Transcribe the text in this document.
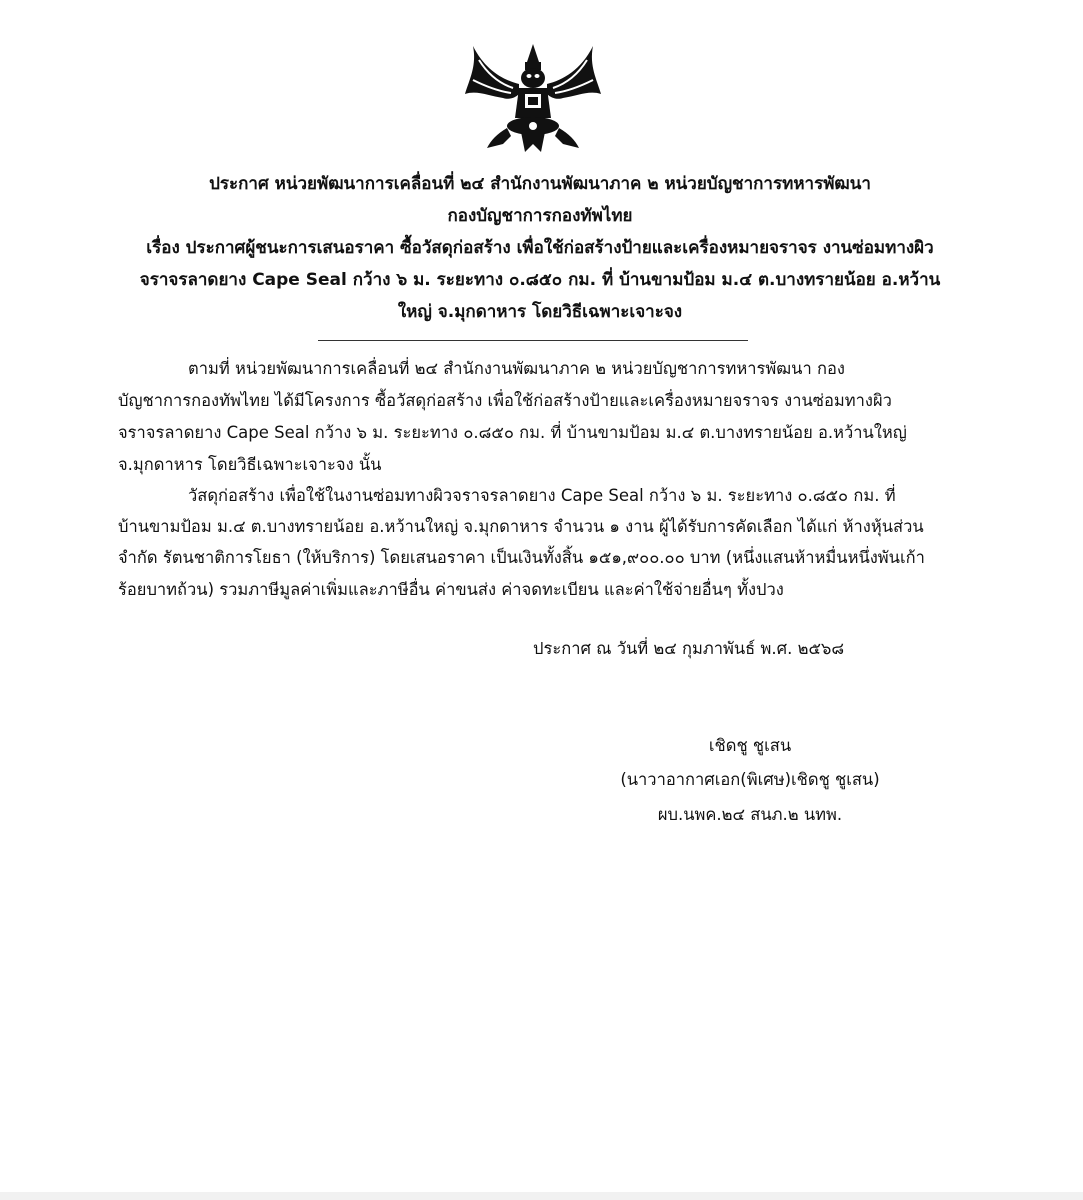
ประกาศ หน่วยพัฒนาการเคลื่อนที่ ๒๔ สำนักงานพัฒนาภาค ๒ หน่วยบัญชาการทหารพัฒนา
กองบัญชาการกองทัพไทย
เรื่อง ประกาศผู้ชนะการเสนอราคา ซื้อวัสดุก่อสร้าง เพื่อใช้ก่อสร้างป้ายและเครื่องหมายจราจร งานซ่อมทางผิว
จราจรลาดยาง Cape Seal กว้าง ๖ ม. ระยะทาง ๐.๘๕๐ กม. ที่ บ้านขามป้อม ม.๔ ต.บางทรายน้อย อ.หว้าน
ใหญ่ จ.มุกดาหาร โดยวิธีเฉพาะเจาะจง
ตามที่ หน่วยพัฒนาการเคลื่อนที่ ๒๔ สำนักงานพัฒนาภาค ๒ หน่วยบัญชาการทหารพัฒนา กอง
บัญชาการกองทัพไทย ได้มีโครงการ ซื้อวัสดุก่อสร้าง เพื่อใช้ก่อสร้างป้ายและเครื่องหมายจราจร งานซ่อมทางผิว
จราจรลาดยาง Cape Seal กว้าง ๖ ม. ระยะทาง ๐.๘๕๐ กม. ที่ บ้านขามป้อม ม.๔ ต.บางทรายน้อย อ.หว้านใหญ่
จ.มุกดาหาร โดยวิธีเฉพาะเจาะจง นั้น
วัสดุก่อสร้าง เพื่อใช้ในงานซ่อมทางผิวจราจรลาดยาง Cape Seal กว้าง ๖ ม. ระยะทาง ๐.๘๕๐ กม. ที่
บ้านขามป้อม ม.๔ ต.บางทรายน้อย อ.หว้านใหญ่ จ.มุกดาหาร จำนวน ๑ งาน ผู้ได้รับการคัดเลือก ได้แก่ ห้างหุ้นส่วน
จำกัด รัตนชาติการโยธา (ให้บริการ) โดยเสนอราคา เป็นเงินทั้งสิ้น ๑๕๑,๙๐๐.๐๐ บาท (หนึ่งแสนห้าหมื่นหนึ่งพันเก้า
ร้อยบาทถ้วน) รวมภาษีมูลค่าเพิ่มและภาษีอื่น ค่าขนส่ง ค่าจดทะเบียน และค่าใช้จ่ายอื่นๆ ทั้งปวง
ประกาศ ณ วันที่ ๒๔ กุมภาพันธ์ พ.ศ. ๒๕๖๘
เชิดชู ชูเสน
(นาวาอากาศเอก(พิเศษ)เชิดชู ชูเสน)
ผบ.นพค.๒๔ สนภ.๒ นทพ.
